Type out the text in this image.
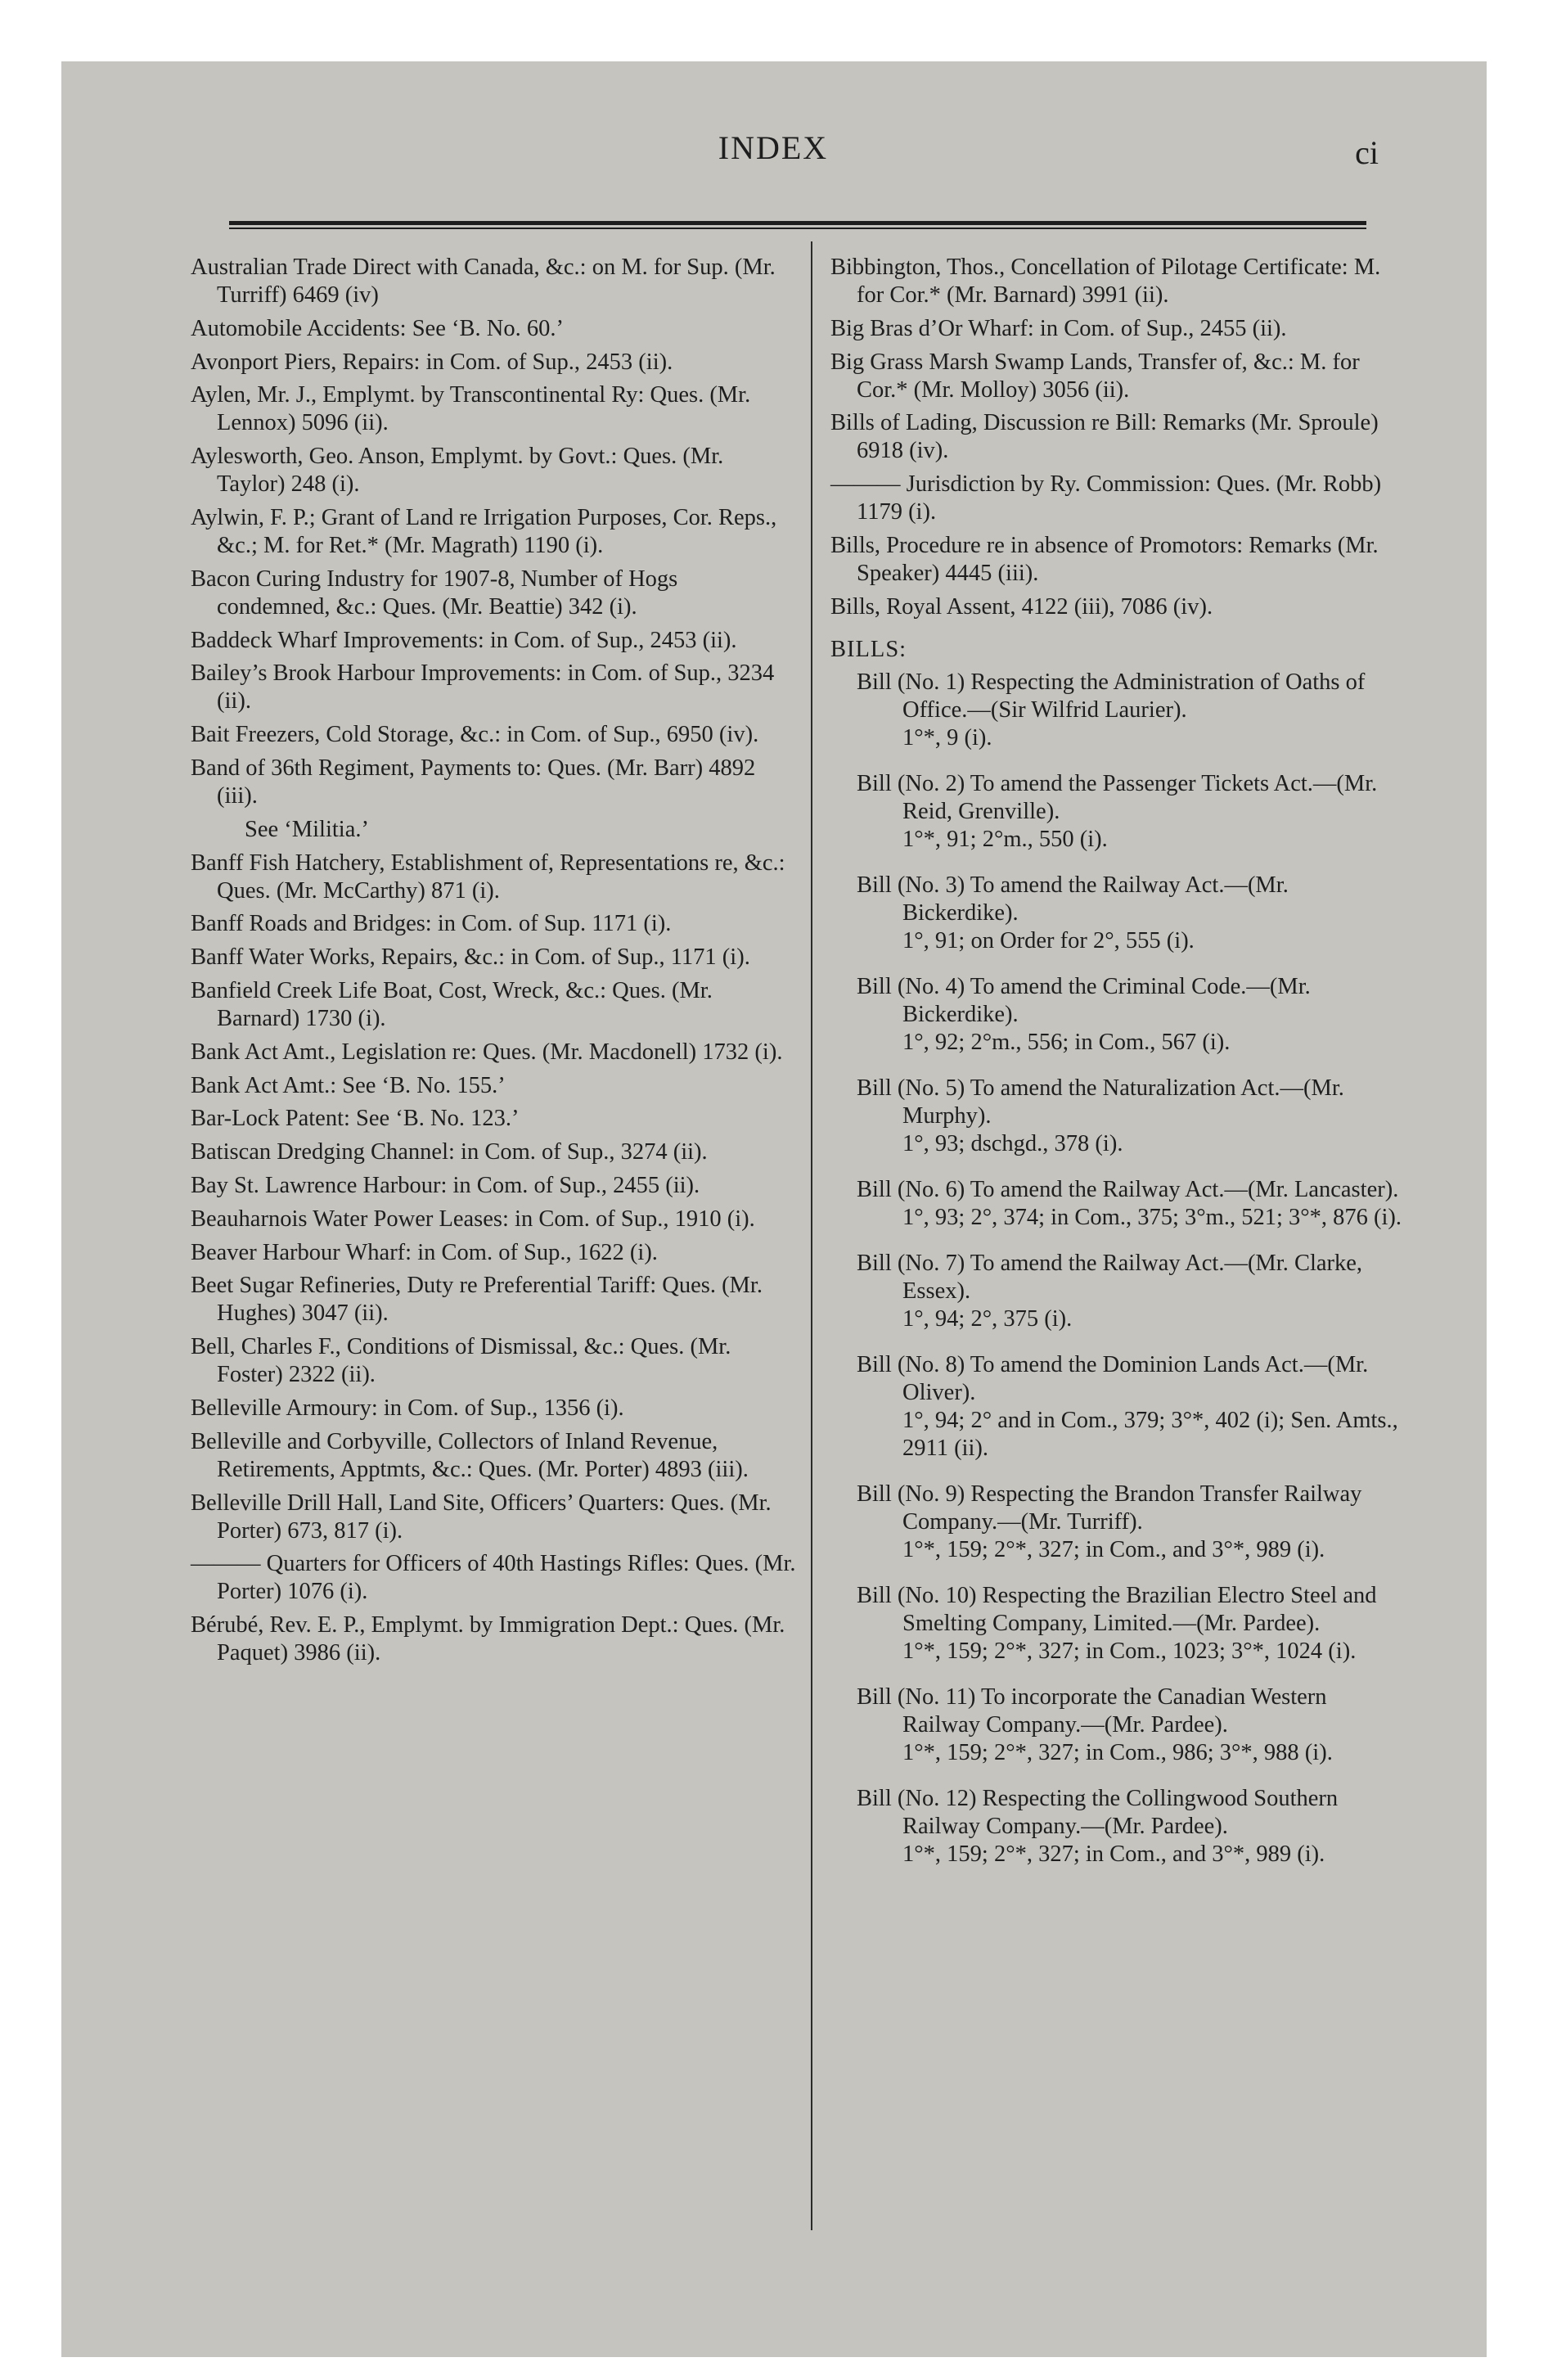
INDEX	ci

Australian Trade Direct with Canada, &c.: on M. for Sup. (Mr. Turriff) 6469 (iv)

Automobile Accidents: See ‘B. No. 60.’

Avonport Piers, Repairs: in Com. of Sup., 2453 (ii).

Aylen, Mr. J., Emplymt. by Transcontinental Ry: Ques. (Mr. Lennox) 5096 (ii).

Aylesworth, Geo. Anson, Emplymt. by Govt.: Ques. (Mr. Taylor) 248 (i).

Aylwin, F. P.; Grant of Land re Irrigation Purposes, Cor. Reps., &c.; M. for Ret.* (Mr. Magrath) 1190 (i).

Bacon Curing Industry for 1907-8, Number of Hogs condemned, &c.: Ques. (Mr. Beattie) 342 (i).

Baddeck Wharf Improvements: in Com. of Sup., 2453 (ii).

Bailey’s Brook Harbour Improvements: in Com. of Sup., 3234 (ii).

Bait Freezers, Cold Storage, &c.: in Com. of Sup., 6950 (iv).

Band of 36th Regiment, Payments to: Ques. (Mr. Barr) 4892 (iii).

See ‘Militia.’

Banff Fish Hatchery, Establishment of, Representations re, &c.: Ques. (Mr. McCarthy) 871 (i).

Banff Roads and Bridges: in Com. of Sup. 1171 (i).

Banff Water Works, Repairs, &c.: in Com. of Sup., 1171 (i).

Banfield Creek Life Boat, Cost, Wreck, &c.: Ques. (Mr. Barnard) 1730 (i).

Bank Act Amt., Legislation re: Ques. (Mr. Macdonell) 1732 (i).

Bank Act Amt.: See ‘B. No. 155.’

Bar-Lock Patent: See ‘B. No. 123.’

Batiscan Dredging Channel: in Com. of Sup., 3274 (ii).

Bay St. Lawrence Harbour: in Com. of Sup., 2455 (ii).

Beauharnois Water Power Leases: in Com. of Sup., 1910 (i).

Beaver Harbour Wharf: in Com. of Sup., 1622 (i).

Beet Sugar Refineries, Duty re Preferential Tariff: Ques. (Mr. Hughes) 3047 (ii).

Bell, Charles F., Conditions of Dismissal, &c.: Ques. (Mr. Foster) 2322 (ii).

Belleville Armoury: in Com. of Sup., 1356 (i).

Belleville and Corbyville, Collectors of Inland Revenue, Retirements, Apptmts, &c.: Ques. (Mr. Porter) 4893 (iii).

Belleville Drill Hall, Land Site, Officers’ Quarters: Ques. (Mr. Porter) 673, 817 (i).

——— Quarters for Officers of 40th Hastings Rifles: Ques. (Mr. Porter) 1076 (i).

Bérubé, Rev. E. P., Emplymt. by Immigration Dept.: Ques. (Mr. Paquet) 3986 (ii).

Bibbington, Thos., Concellation of Pilotage Certificate: M. for Cor.* (Mr. Barnard) 3991 (ii).

Big Bras d’Or Wharf: in Com. of Sup., 2455 (ii).

Big Grass Marsh Swamp Lands, Transfer of, &c.: M. for Cor.* (Mr. Molloy) 3056 (ii).

Bills of Lading, Discussion re Bill: Remarks (Mr. Sproule) 6918 (iv).

——— Jurisdiction by Ry. Commission: Ques. (Mr. Robb) 1179 (i).

Bills, Procedure re in absence of Promotors: Remarks (Mr. Speaker) 4445 (iii).

Bills, Royal Assent, 4122 (iii), 7086 (iv).

BILLS:

Bill (No. 1) Respecting the Administration of Oaths of Office.—(Sir Wilfrid Laurier).
1°*, 9 (i).
Bill (No. 2) To amend the Passenger Tickets Act.—(Mr. Reid, Grenville).
1°*, 91; 2°m., 550 (i).
Bill (No. 3) To amend the Railway Act.—(Mr. Bickerdike).
1°, 91; on Order for 2°, 555 (i).
Bill (No. 4) To amend the Criminal Code.—(Mr. Bickerdike).
1°, 92; 2°m., 556; in Com., 567 (i).
Bill (No. 5) To amend the Naturalization Act.—(Mr. Murphy).
1°, 93; dschgd., 378 (i).
Bill (No. 6) To amend the Railway Act.—(Mr. Lancaster).
1°, 93; 2°, 374; in Com., 375; 3°m., 521; 3°*, 876 (i).
Bill (No. 7) To amend the Railway Act.—(Mr. Clarke, Essex).
1°, 94; 2°, 375 (i).
Bill (No. 8) To amend the Dominion Lands Act.—(Mr. Oliver).
1°, 94; 2° and in Com., 379; 3°*, 402 (i); Sen. Amts., 2911 (ii).
Bill (No. 9) Respecting the Brandon Transfer Railway Company.—(Mr. Turriff).
1°*, 159; 2°*, 327; in Com., and 3°*, 989 (i).
Bill (No. 10) Respecting the Brazilian Electro Steel and Smelting Company, Limited.—(Mr. Pardee).
1°*, 159; 2°*, 327; in Com., 1023; 3°*, 1024 (i).
Bill (No. 11) To incorporate the Canadian Western Railway Company.—(Mr. Pardee).
1°*, 159; 2°*, 327; in Com., 986; 3°*, 988 (i).
Bill (No. 12) Respecting the Collingwood Southern Railway Company.—(Mr. Pardee).
1°*, 159; 2°*, 327; in Com., and 3°*, 989 (i).
